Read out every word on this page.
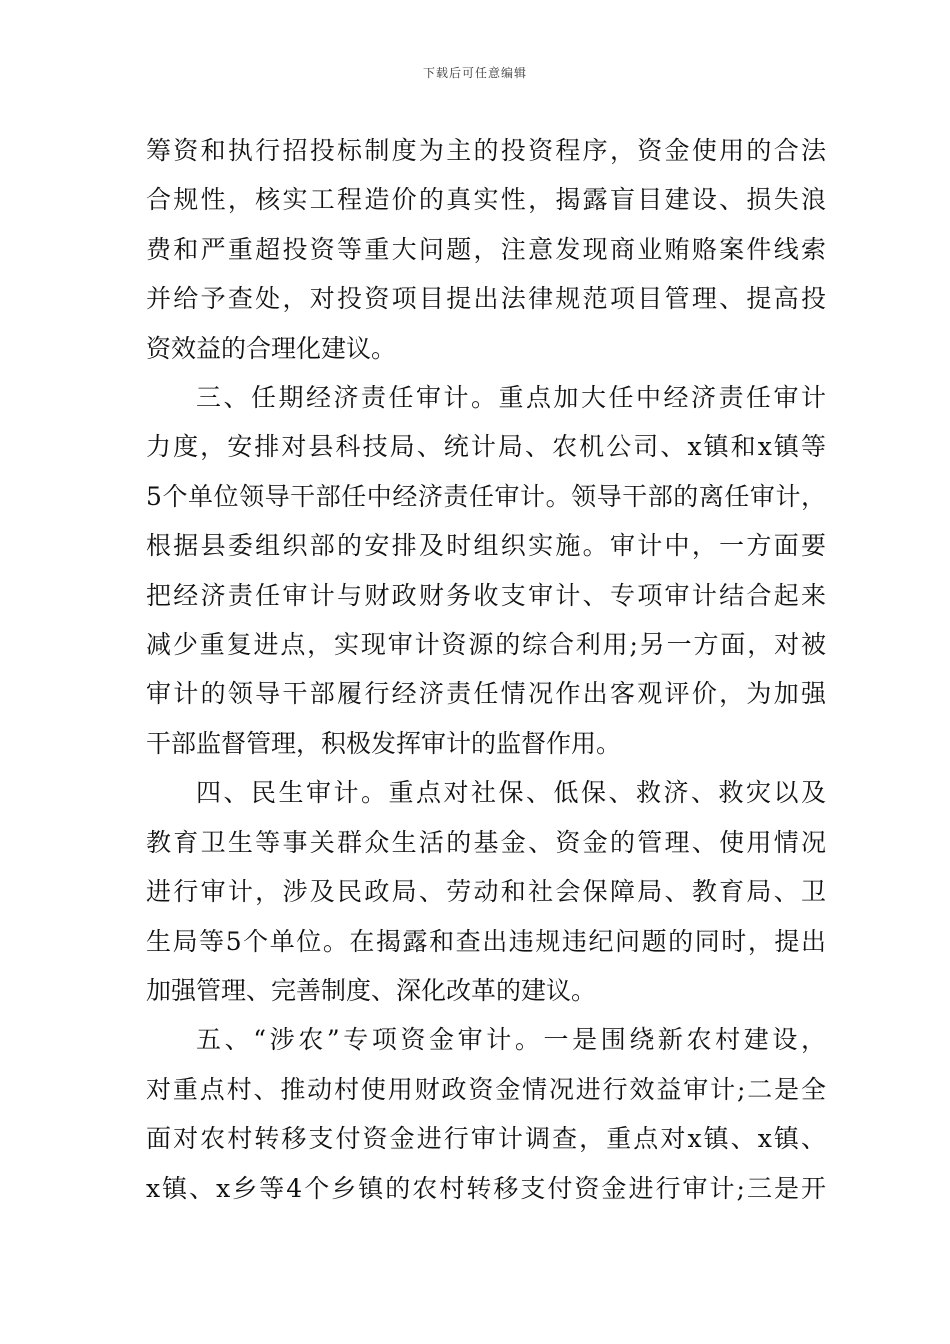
下载后可任意编辑
筹资和执行招投标制度为主的投资程序，资金使用的合法
合规性，核实工程造价的真实性，揭露盲目建设、损失浪
费和严重超投资等重大问题，注意发现商业贿赂案件线索
并给予查处，对投资项目提出法律规范项目管理、提高投
资效益的合理化建议。
三、任期经济责任审计。重点加大任中经济责任审计
力度，安排对县科技局、统计局、农机公司、x镇和x镇等
5个单位领导干部任中经济责任审计。领导干部的离任审计，
根据县委组织部的安排及时组织实施。审计中，一方面要
把经济责任审计与财政财务收支审计、专项审计结合起来
减少重复进点，实现审计资源的综合利用;另一方面，对被
审计的领导干部履行经济责任情况作出客观评价，为加强
干部监督管理，积极发挥审计的监督作用。
四、民生审计。重点对社保、低保、救济、救灾以及
教育卫生等事关群众生活的基金、资金的管理、使用情况
进行审计，涉及民政局、劳动和社会保障局、教育局、卫
生局等5个单位。在揭露和查出违规违纪问题的同时，提出
加强管理、完善制度、深化改革的建议。
五、“涉农”专项资金审计。一是围绕新农村建设，
对重点村、推动村使用财政资金情况进行效益审计;二是全
面对农村转移支付资金进行审计调查，重点对x镇、x镇、
x镇、x乡等4个乡镇的农村转移支付资金进行审计;三是开
